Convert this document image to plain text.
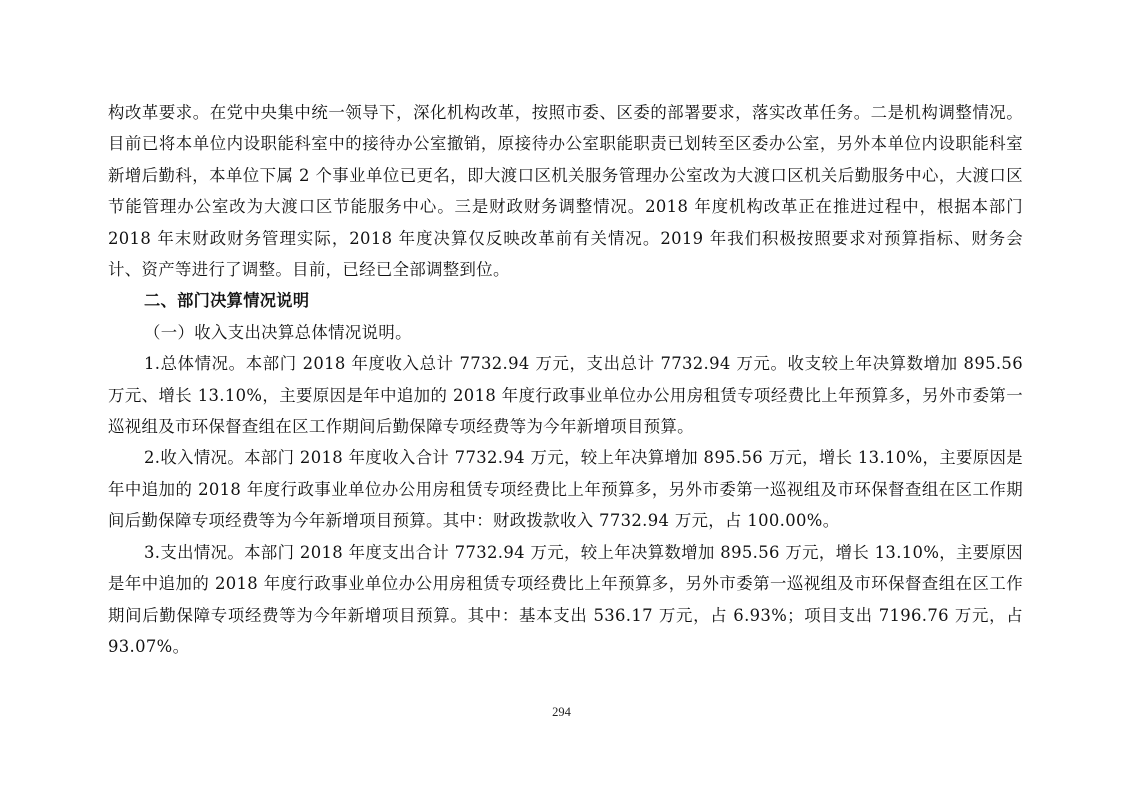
构改革要求。在党中央集中统一领导下，深化机构改革，按照市委、区委的部署要求，落实改革任务。二是机构调整情况。目前已将本单位内设职能科室中的接待办公室撤销，原接待办公室职能职责已划转至区委办公室，另外本单位内设职能科室新增后勤科，本单位下属 2 个事业单位已更名，即大渡口区机关服务管理办公室改为大渡口区机关后勤服务中心，大渡口区节能管理办公室改为大渡口区节能服务中心。三是财政财务调整情况。2018 年度机构改革正在推进过程中，根据本部门 2018 年末财政财务管理实际，2018 年度决算仅反映改革前有关情况。2019 年我们积极按照要求对预算指标、财务会计、资产等进行了调整。目前，已经已全部调整到位。

二、部门决算情况说明

（一）收入支出决算总体情况说明。

1.总体情况。本部门 2018 年度收入总计 7732.94 万元，支出总计 7732.94 万元。收支较上年决算数增加 895.56 万元、增长 13.10%，主要原因是年中追加的 2018 年度行政事业单位办公用房租赁专项经费比上年预算多，另外市委第一巡视组及市环保督查组在区工作期间后勤保障专项经费等为今年新增项目预算。

2.收入情况。本部门 2018 年度收入合计 7732.94 万元，较上年决算增加 895.56 万元，增长 13.10%，主要原因是年中追加的 2018 年度行政事业单位办公用房租赁专项经费比上年预算多，另外市委第一巡视组及市环保督查组在区工作期间后勤保障专项经费等为今年新增项目预算。其中：财政拨款收入 7732.94 万元，占 100.00%。

3.支出情况。本部门 2018 年度支出合计 7732.94 万元，较上年决算数增加 895.56 万元，增长 13.10%，主要原因是年中追加的 2018 年度行政事业单位办公用房租赁专项经费比上年预算多，另外市委第一巡视组及市环保督查组在区工作期间后勤保障专项经费等为今年新增项目预算。其中：基本支出 536.17 万元，占 6.93%；项目支出 7196.76 万元，占 93.07%。

294
